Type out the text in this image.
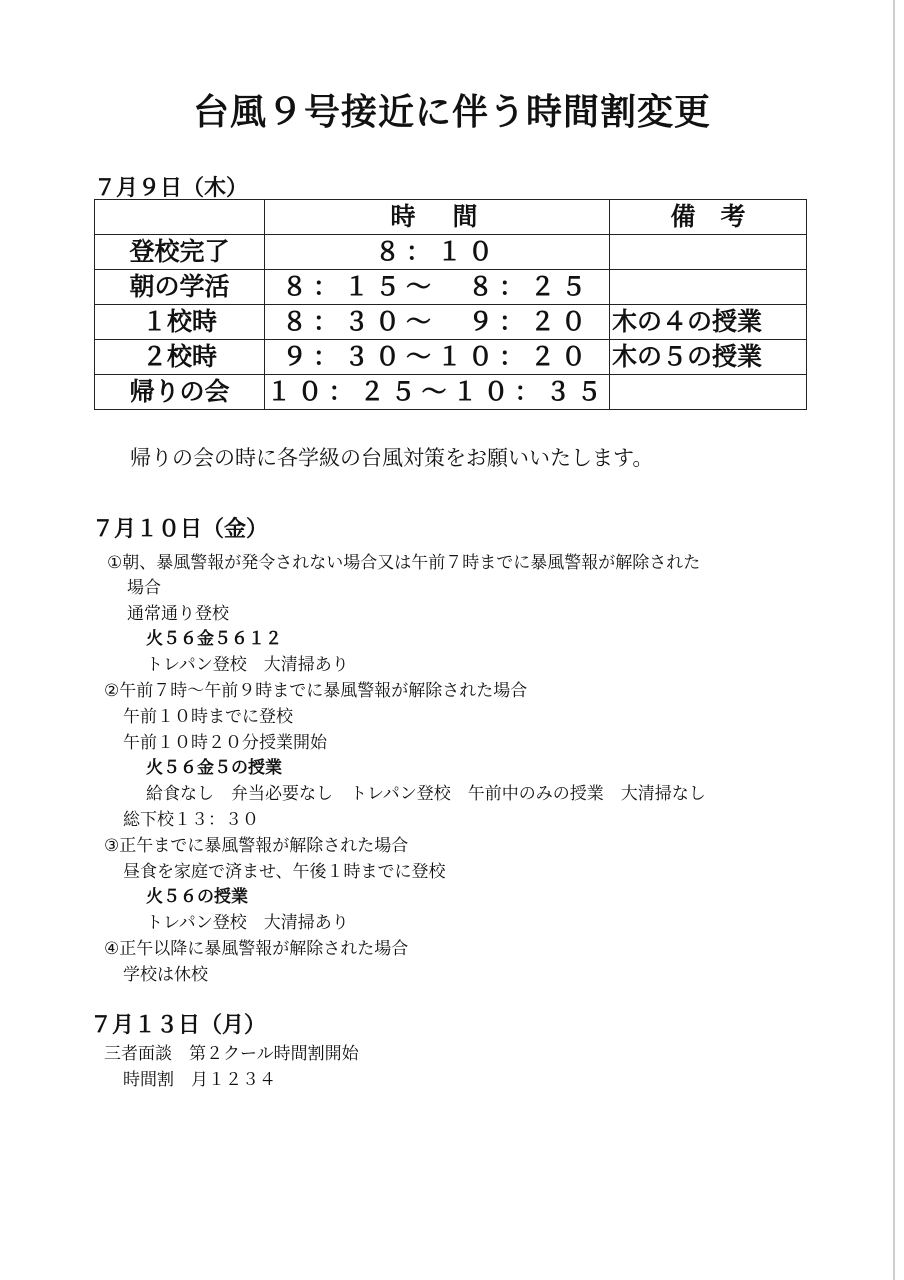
台風９号接近に伴う時間割変更
７月９日（木）
	時　間	備　考
登校完了	８：１０	
朝の学活	８：１５～　８：２５	
１校時	８：３０～　９：２０	木の４の授業
２校時	９：３０～１０：２０	木の５の授業
帰りの会	１０：２５～１０：３５	
帰りの会の時に各学級の台風対策をお願いいたします。
７月１０日（金）
①朝、暴風警報が発令されない場合又は午前７時までに暴風警報が解除された
場合
通常通り登校
火５６金５６１２
トレパン登校　大清掃あり
②午前７時～午前９時までに暴風警報が解除された場合
午前１０時までに登校
午前１０時２０分授業開始
火５６金５の授業
給食なし　弁当必要なし　トレパン登校　午前中のみの授業　大清掃なし
総下校１３：３０
③正午までに暴風警報が解除された場合
昼食を家庭で済ませ、午後１時までに登校
火５６の授業
トレパン登校　大清掃あり
④正午以降に暴風警報が解除された場合
学校は休校
７月１３日（月）
三者面談　第２クール時間割開始
時間割　月１２３４
